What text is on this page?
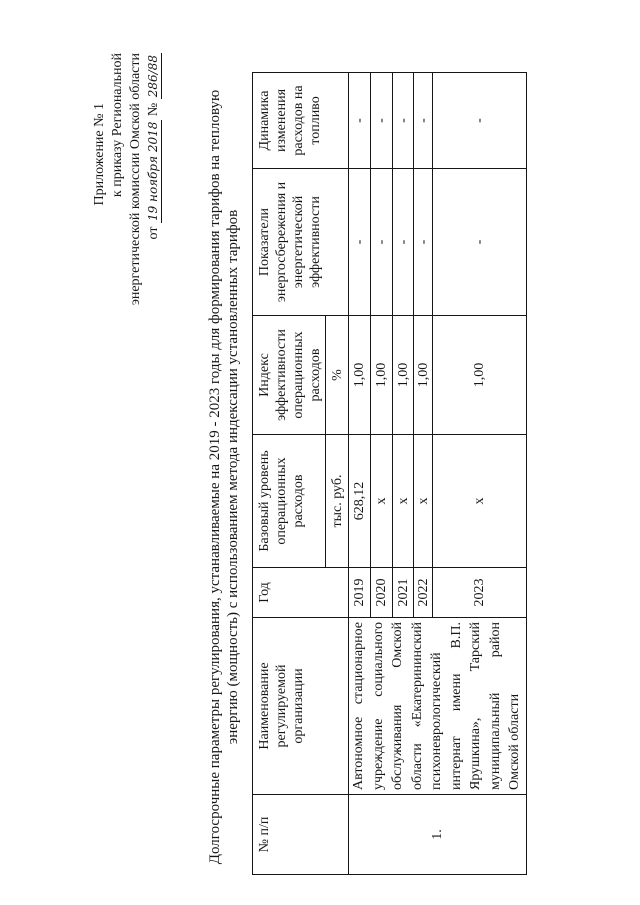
Приложение № 1 к приказу Региональной энергетической комиссии Омской области от 19 ноября 2018 № 286/88
Долгосрочные параметры регулирования, устанавливаемые на 2019 - 2023 годы для формирования тарифов на тепловую энергию (мощность) с использованием метода индексации установленных тарифов
№ п/п
Наименование регулируемой организации
Год
Базовый уровень операционных расходов	тыс. руб.
Индекс эффективности операционных расходов %
Показатели энергосбережения и энергетической эффективности
Динамика изменения расходов на топливо
1.
Автономное стационарное учреждение социального обслуживания Омской области «Екатерининский психоневрологический интернат имени В.П. Ярушкина», Тарский муниципальный район Омской области
2019
628,12
1,00
-
-
2020
х
1,00
-
-
2021
х
1,00
-
-
2022
х
1,00
-
-
2023
х
1,00
-
-
